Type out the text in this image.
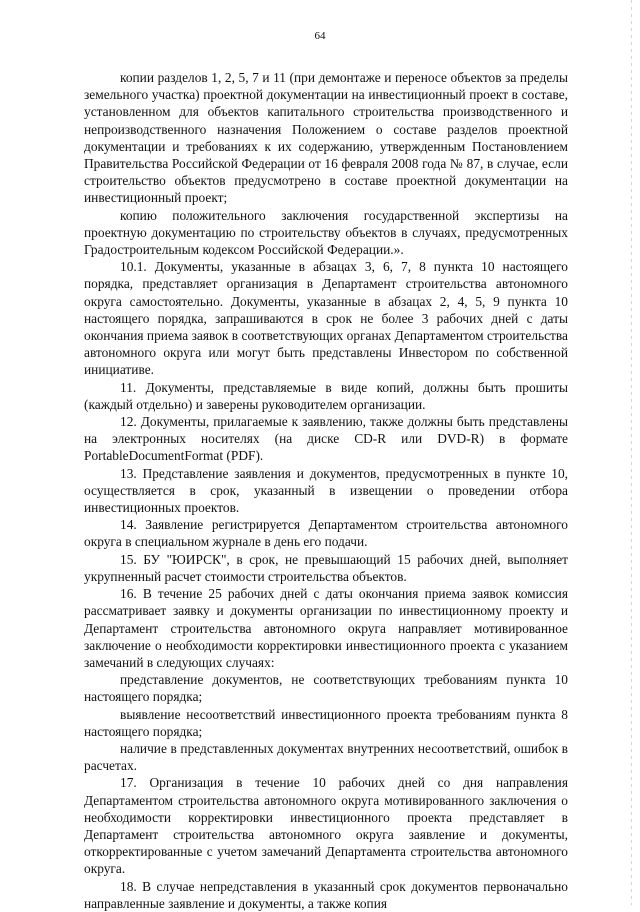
64

копии разделов 1, 2, 5, 7 и 11 (при демонтаже и переносе объектов за пределы земельного участка) проектной документации на инвестиционный проект в составе, установленном для объектов капитального строительства производственного и непроизводственного назначения Положением о составе разделов проектной документации и требованиях к их содержанию, утвержденным Постановлением Правительства Российской Федерации от 16 февраля 2008 года № 87, в случае, если строительство объектов предусмотрено в составе проектной документации на инвестиционный проект;

копию положительного заключения государственной экспертизы на проектную документацию по строительству объектов в случаях, предусмотренных Градостроительным кодексом Российской Федерации.».

10.1. Документы, указанные в абзацах 3, 6, 7, 8 пункта 10 настоящего порядка, представляет организация в Департамент строительства автономного округа самостоятельно. Документы, указанные в абзацах 2, 4, 5, 9 пункта 10 настоящего порядка, запрашиваются в срок не более 3 рабочих дней с даты окончания приема заявок в соответствующих органах Департаментом строительства автономного округа или могут быть представлены Инвестором по собственной инициативе.

11. Документы, представляемые в виде копий, должны быть прошиты (каждый отдельно) и заверены руководителем организации.

12. Документы, прилагаемые к заявлению, также должны быть представлены на электронных носителях (на диске CD-R или DVD-R) в формате PortableDocumentFormat (PDF).

13. Представление заявления и документов, предусмотренных в пункте 10, осуществляется в срок, указанный в извещении о проведении отбора инвестиционных проектов.

14. Заявление регистрируется Департаментом строительства автономного округа в специальном журнале в день его подачи.

15. БУ "ЮИРСК", в срок, не превышающий 15 рабочих дней, выполняет укрупненный расчет стоимости строительства объектов.

16. В течение 25 рабочих дней с даты окончания приема заявок комиссия рассматривает заявку и документы организации по инвестиционному проекту и Департамент строительства автономного округа направляет мотивированное заключение о необходимости корректировки инвестиционного проекта с указанием замечаний в следующих случаях:

представление документов, не соответствующих требованиям пункта 10 настоящего порядка;

выявление несоответствий инвестиционного проекта требованиям пункта 8 настоящего порядка;

наличие в представленных документах внутренних несоответствий, ошибок в расчетах.

17. Организация в течение 10 рабочих дней со дня направления Департаментом строительства автономного округа мотивированного заключения о необходимости корректировки инвестиционного проекта представляет в Департамент строительства автономного округа заявление и документы, откорректированные с учетом замечаний Департамента строительства автономного округа.

18. В случае непредставления в указанный срок документов первоначально направленные заявление и документы, а также копия
